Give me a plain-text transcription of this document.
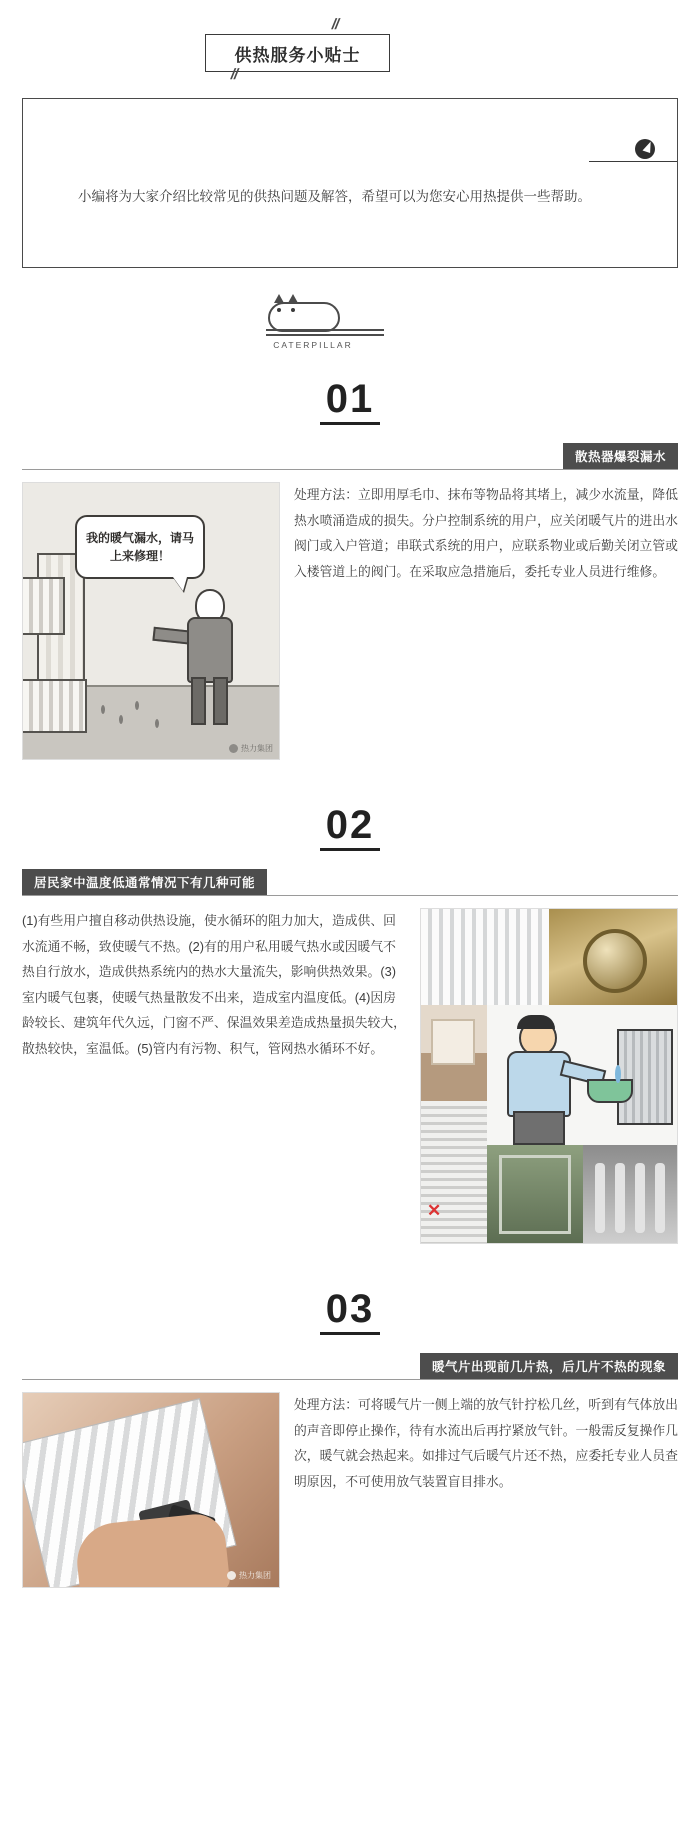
//
供热服务小贴士
//
小编将为大家介绍比较常见的供热问题及解答，希望可以为您安心用热提供一些帮助。
CATERPILLAR
01
散热器爆裂漏水
我的暖气漏水，请马上来修理！
热力集团
处理方法：立即用厚毛巾、抹布等物品将其堵上，减少水流量，降低热水喷涌造成的损失。分户控制系统的用户，应关闭暖气片的进出水阀门或入户管道；串联式系统的用户，应联系物业或后勤关闭立管或入楼管道上的阀门。在采取应急措施后，委托专业人员进行维修。
02
居民家中温度低通常情况下有几种可能
(1)有些用户擅自移动供热设施，使水循环的阻力加大，造成供、回水流通不畅，致使暖气不热。(2)有的用户私用暖气热水或因暖气不热自行放水，造成供热系统内的热水大量流失，影响供热效果。(3)室内暖气包裹，使暖气热量散发不出来，造成室内温度低。(4)因房龄较长、建筑年代久远，门窗不严、保温效果差造成热量损失较大，散热较快，室温低。(5)管内有污物、积气，管网热水循环不好。
✕
03
暖气片出现前几片热，后几片不热的现象
热力集团
处理方法：可将暖气片一侧上端的放气针拧松几丝，听到有气体放出的声音即停止操作，待有水流出后再拧紧放气针。一般需反复操作几次，暖气就会热起来。如排过气后暖气片还不热，应委托专业人员查明原因，不可使用放气装置盲目排水。
